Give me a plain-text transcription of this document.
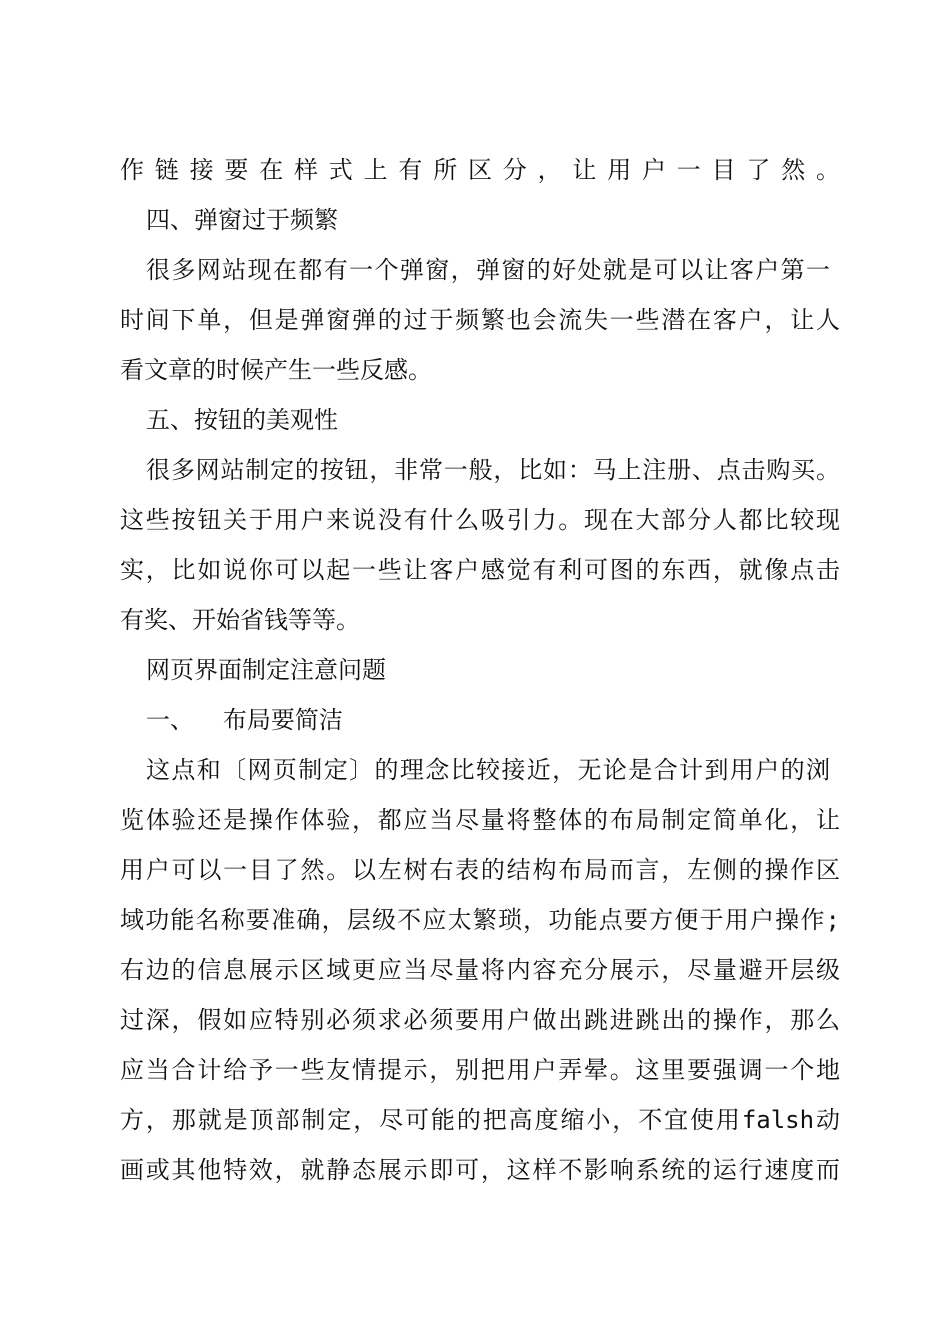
作链接要在样式上有所区分，让用户一目了然。
四、弹窗过于频繁
很多网站现在都有一个弹窗，弹窗的好处就是可以让客户第一
时间下单，但是弹窗弹的过于频繁也会流失一些潜在客户，让人
看文章的时候产生一些反感。
五、按钮的美观性
很多网站制定的按钮，非常一般，比如：马上注册、点击购买。
这些按钮关于用户来说没有什么吸引力。现在大部分人都比较现
实，比如说你可以起一些让客户感觉有利可图的东西，就像点击
有奖、开始省钱等等。
网页界面制定注意问题
一、  布局要简洁
这点和〔网页制定〕的理念比较接近，无论是合计到用户的浏
览体验还是操作体验，都应当尽量将整体的布局制定简单化，让
用户可以一目了然。以左树右表的结构布局而言，左侧的操作区
域功能名称要准确，层级不应太繁琐，功能点要方便于用户操作;
右边的信息展示区域更应当尽量将内容充分展示，尽量避开层级
过深，假如应特别必须求必须要用户做出跳进跳出的操作，那么
应当合计给予一些友情提示，别把用户弄晕。这里要强调一个地
方，那就是顶部制定，尽可能的把高度缩小，不宜使用falsh动
画或其他特效，就静态展示即可，这样不影响系统的运行速度而
